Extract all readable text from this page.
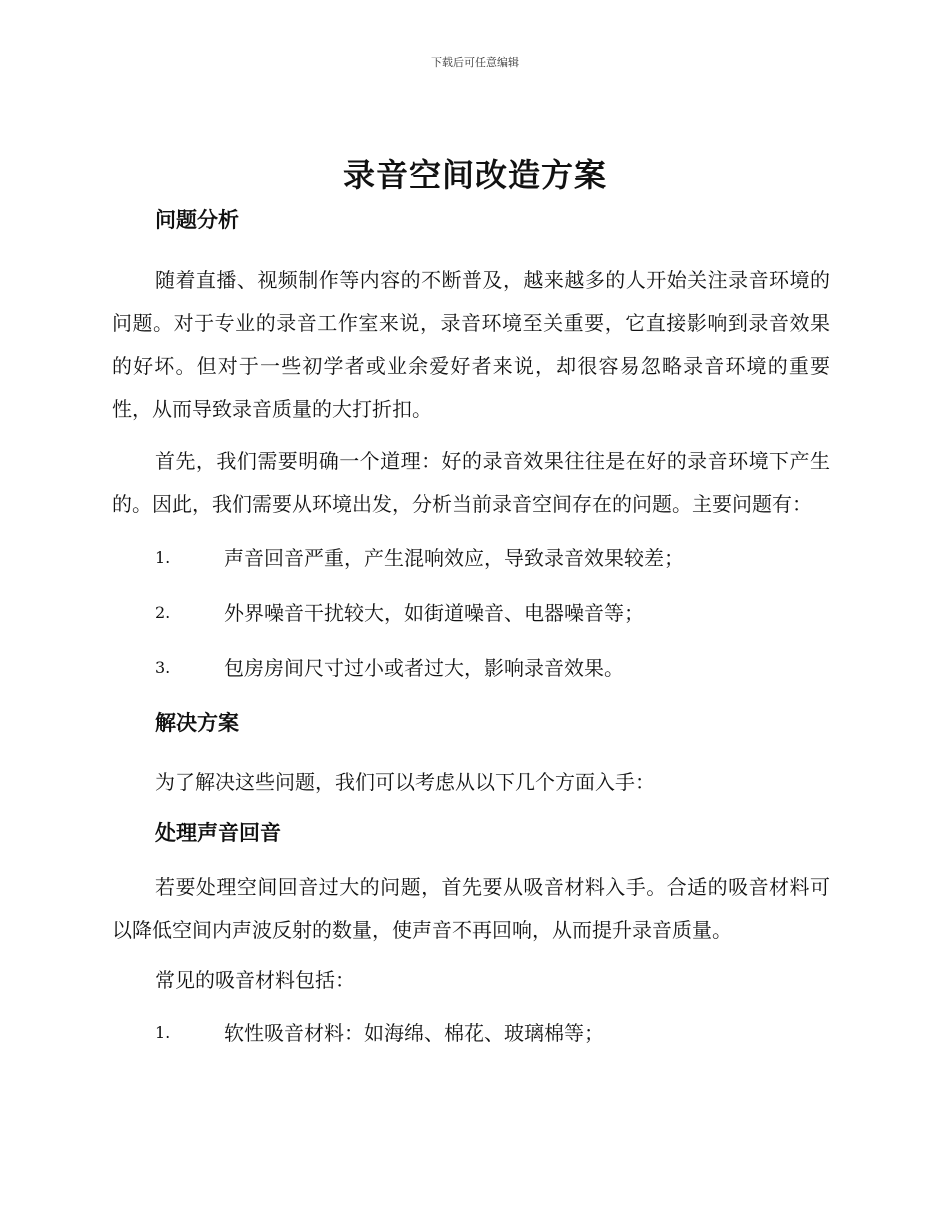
下载后可任意编辑
录音空间改造方案
问题分析

随着直播、视频制作等内容的不断普及，越来越多的人开始关注录音环境的问题。对于专业的录音工作室来说，录音环境至关重要，它直接影响到录音效果的好坏。但对于一些初学者或业余爱好者来说，却很容易忽略录音环境的重要性，从而导致录音质量的大打折扣。

首先，我们需要明确一个道理：好的录音效果往往是在好的录音环境下产生的。因此，我们需要从环境出发，分析当前录音空间存在的问题。主要问题有：

1.	声音回音严重，产生混响效应，导致录音效果较差；
2.	外界噪音干扰较大，如街道噪音、电器噪音等；
3.	包房房间尺寸过小或者过大，影响录音效果。
解决方案

为了解决这些问题，我们可以考虑从以下几个方面入手：

处理声音回音

若要处理空间回音过大的问题，首先要从吸音材料入手。合适的吸音材料可以降低空间内声波反射的数量，使声音不再回响，从而提升录音质量。

常见的吸音材料包括：

1.	软性吸音材料：如海绵、棉花、玻璃棉等；
